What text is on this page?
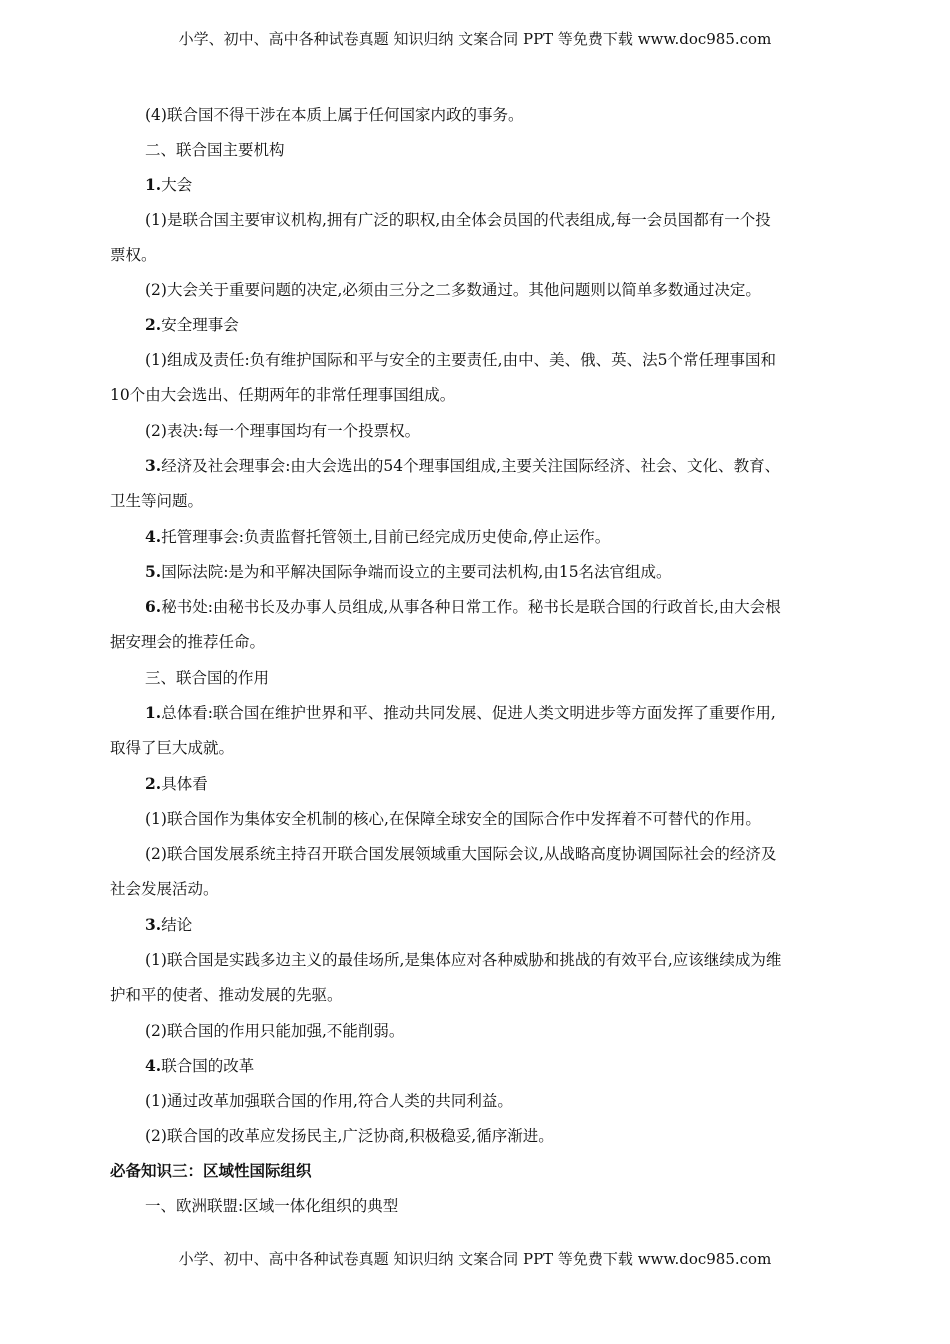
小学、初中、高中各种试卷真题 知识归纳 文案合同 PPT 等免费下载 www.doc985.com
(4)联合国不得干涉在本质上属于任何国家内政的事务。
二、联合国主要机构
1.大会
(1)是联合国主要审议机构,拥有广泛的职权,由全体会员国的代表组成,每一会员国都有一个投
票权。
(2)大会关于重要问题的决定,必须由三分之二多数通过。其他问题则以简单多数通过决定。
2.安全理事会
(1)组成及责任:负有维护国际和平与安全的主要责任,由中、美、俄、英、法5个常任理事国和
10个由大会选出、任期两年的非常任理事国组成。
(2)表决:每一个理事国均有一个投票权。
3.经济及社会理事会:由大会选出的54个理事国组成,主要关注国际经济、社会、文化、教育、
卫生等问题。
4.托管理事会:负责监督托管领土,目前已经完成历史使命,停止运作。
5.国际法院:是为和平解决国际争端而设立的主要司法机构,由15名法官组成。
6.秘书处:由秘书长及办事人员组成,从事各种日常工作。秘书长是联合国的行政首长,由大会根
据安理会的推荐任命。
三、联合国的作用
1.总体看:联合国在维护世界和平、推动共同发展、促进人类文明进步等方面发挥了重要作用,
取得了巨大成就。
2.具体看
(1)联合国作为集体安全机制的核心,在保障全球安全的国际合作中发挥着不可替代的作用。
(2)联合国发展系统主持召开联合国发展领域重大国际会议,从战略高度协调国际社会的经济及
社会发展活动。
3.结论
(1)联合国是实践多边主义的最佳场所,是集体应对各种威胁和挑战的有效平台,应该继续成为维
护和平的使者、推动发展的先驱。
(2)联合国的作用只能加强,不能削弱。
4.联合国的改革
(1)通过改革加强联合国的作用,符合人类的共同利益。
(2)联合国的改革应发扬民主,广泛协商,积极稳妥,循序渐进。
必备知识三：区域性国际组织
一、欧洲联盟:区域一体化组织的典型
小学、初中、高中各种试卷真题 知识归纳 文案合同 PPT 等免费下载 www.doc985.com
